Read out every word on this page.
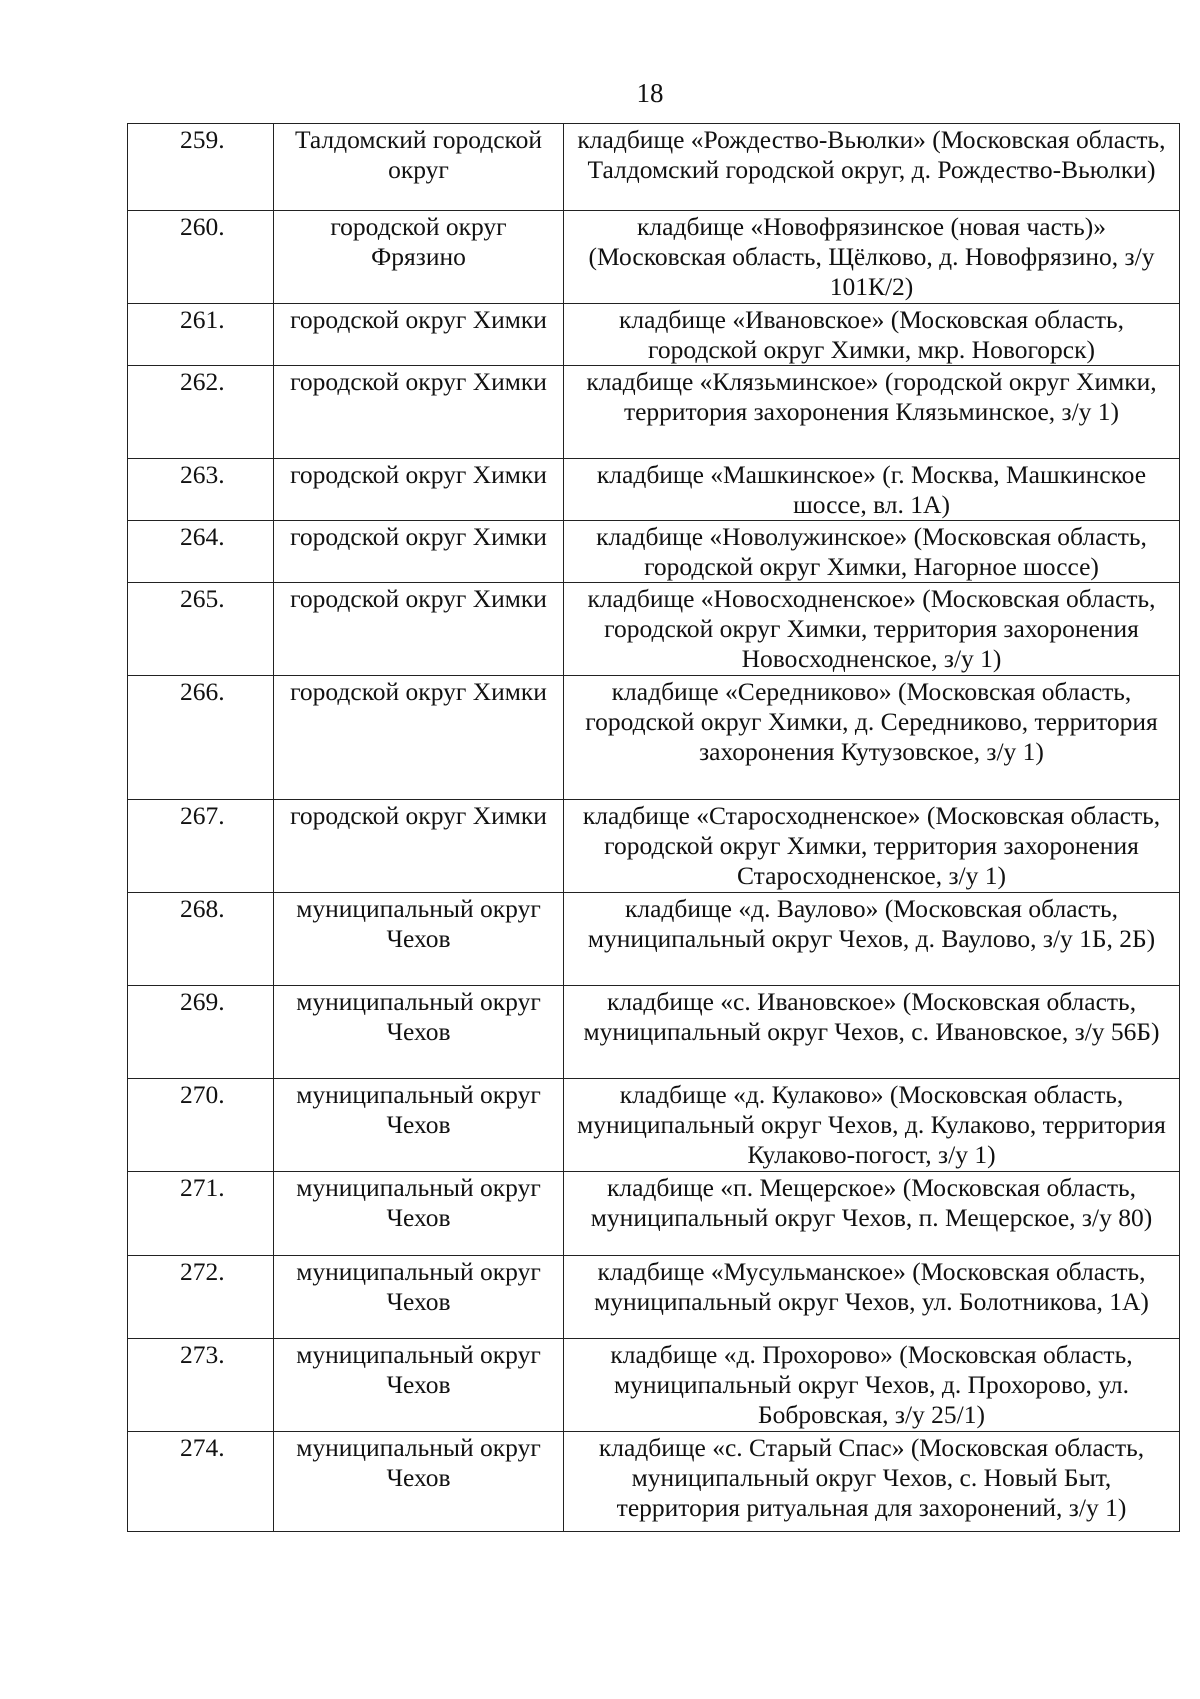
18
259.	Талдомский городской округ	кладбище «Рождество-Вьюлки» (Московская область, Талдомский городской округ, д. Рождество-Вьюлки)
260.	городской округ Фрязино	кладбище «Новофрязинское (новая часть)» (Московская область, Щёлково, д. Новофрязино, з/у 101К/2)
261.	городской округ Химки	кладбище «Ивановское» (Московская область, городской округ Химки, мкр. Новогорск)
262.	городской округ Химки	кладбище «Клязьминское» (городской округ Химки, территория захоронения Клязьминское, з/у 1)
263.	городской округ Химки	кладбище «Машкинское» (г. Москва, Машкинское шоссе, вл. 1А)
264.	городской округ Химки	кладбище «Новолужинское» (Московская область, городской округ Химки, Нагорное шоссе)
265.	городской округ Химки	кладбище «Новосходненское» (Московская область, городской округ Химки, территория захоронения Новосходненское, з/у 1)
266.	городской округ Химки	кладбище «Середниково» (Московская область, городской округ Химки, д. Середниково, территория захоронения Кутузовское, з/у 1)
267.	городской округ Химки	кладбище «Старосходненское» (Московская область, городской округ Химки, территория захоронения Старосходненское, з/у 1)
268.	муниципальный округ Чехов	кладбище «д. Ваулово» (Московская область, муниципальный округ Чехов, д. Ваулово, з/у 1Б, 2Б)
269.	муниципальный округ Чехов	кладбище «с. Ивановское» (Московская область, муниципальный округ Чехов, с. Ивановское, з/у 56Б)
270.	муниципальный округ Чехов	кладбище «д. Кулаково» (Московская область, муниципальный округ Чехов, д. Кулаково, территория Кулаково-погост, з/у 1)
271.	муниципальный округ Чехов	кладбище «п. Мещерское» (Московская область, муниципальный округ Чехов, п. Мещерское, з/у 80)
272.	муниципальный округ Чехов	кладбище «Мусульманское» (Московская область, муниципальный округ Чехов, ул. Болотникова, 1А)
273.	муниципальный округ Чехов	кладбище «д. Прохорово» (Московская область, муниципальный округ Чехов, д. Прохорово, ул. Бобровская, з/у 25/1)
274.	муниципальный округ Чехов	кладбище «с. Старый Спас» (Московская область, муниципальный округ Чехов, с. Новый Быт, территория ритуальная для захоронений, з/у 1)
